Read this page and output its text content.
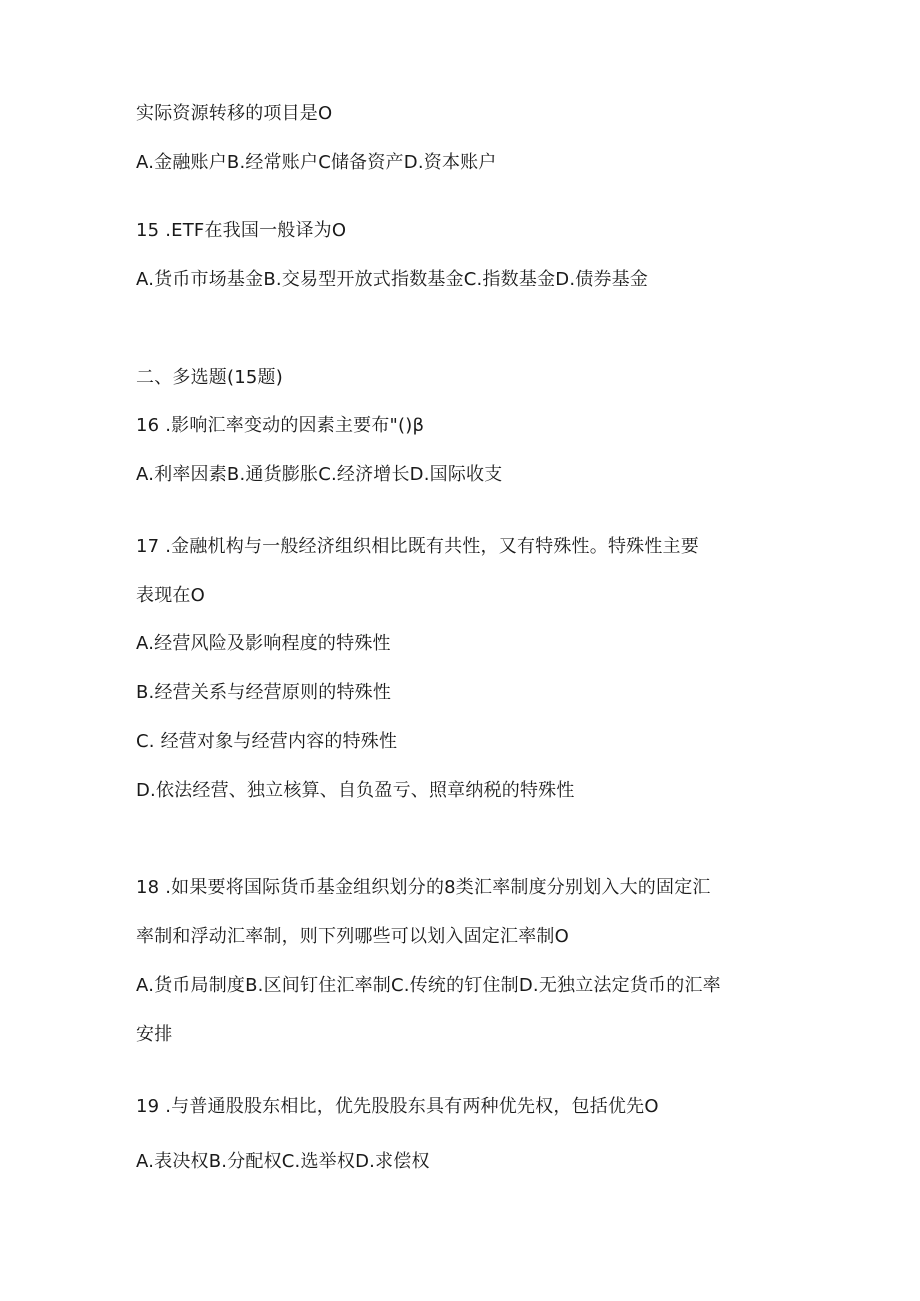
实际资源转移的项目是O
A.金融账户B.经常账户C储备资产D.资本账户
15 .ETF在我国一般译为O
A.货币市场基金B.交易型开放式指数基金C.指数基金D.债券基金
二、多选题(15题)
16 .影响汇率变动的因素主要布"()β
A.利率因素B.通货膨胀C.经济增长D.国际收支
17 .金融机构与一般经济组织相比既有共性，又有特殊性。特殊性主要
表现在O
A.经营风险及影响程度的特殊性
B.经营关系与经营原则的特殊性
C. 经营对象与经营内容的特殊性
D.依法经营、独立核算、自负盈亏、照章纳税的特殊性
18 .如果要将国际货币基金组织划分的8类汇率制度分别划入大的固定汇
率制和浮动汇率制，则下列哪些可以划入固定汇率制O
A.货币局制度B.区间钉住汇率制C.传统的钉住制D.无独立法定货币的汇率
安排
19 .与普通股股东相比，优先股股东具有两种优先权，包括优先O
A.表决权B.分配权C.选举权D.求偿权
